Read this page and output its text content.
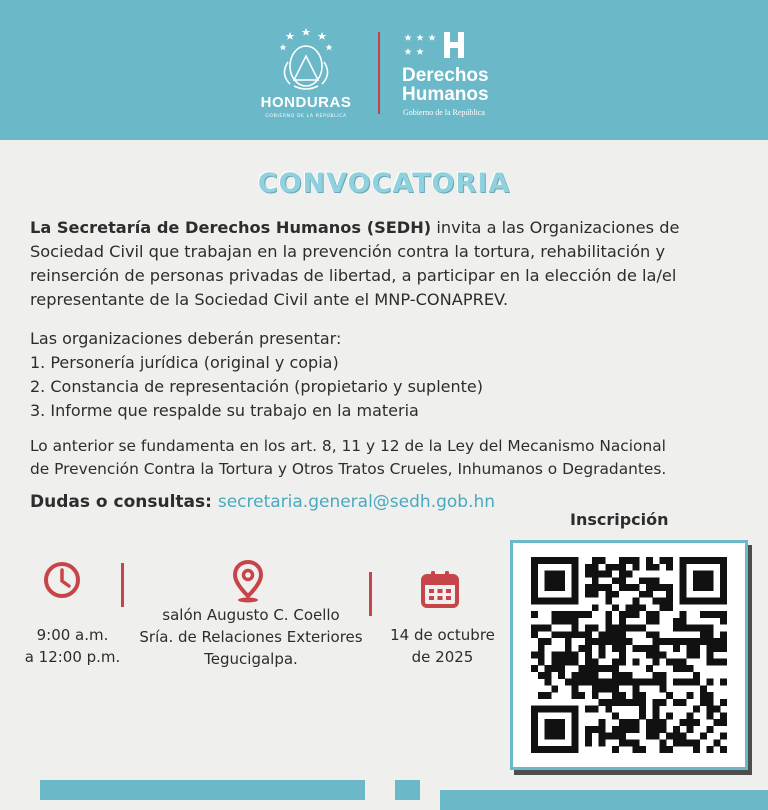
HONDURAS
GOBIERNO DE LA REPÚBLICA
Derechos
Humanos
Gobierno de la República
CONVOCATORIA
La Secretaría de Derechos Humanos (SEDH) invita a las Organizaciones de Sociedad Civil que trabajan en la prevención contra la tortura, rehabilitación y reinserción de personas privadas de libertad, a participar en la elección de la/el representante de la Sociedad Civil ante el MNP-CONAPREV.
Las organizaciones deberán presentar:
1. Personería jurídica (original y copia)
2. Constancia de representación (propietario y suplente)
3. Informe que respalde su trabajo en la materia
Lo anterior se fundamenta en los art. 8, 11 y 12 de la Ley del Mecanismo Nacional
de Prevención Contra la Tortura y Otros Tratos Crueles, Inhumanos o Degradantes.
Dudas o consultas: secretaria.general@sedh.gob.hn
Inscripción
9:00 a.m.
a 12:00 p.m.
salón Augusto C. Coello
Sría. de Relaciones Exteriores
Tegucigalpa.
14 de octubre
de 2025
